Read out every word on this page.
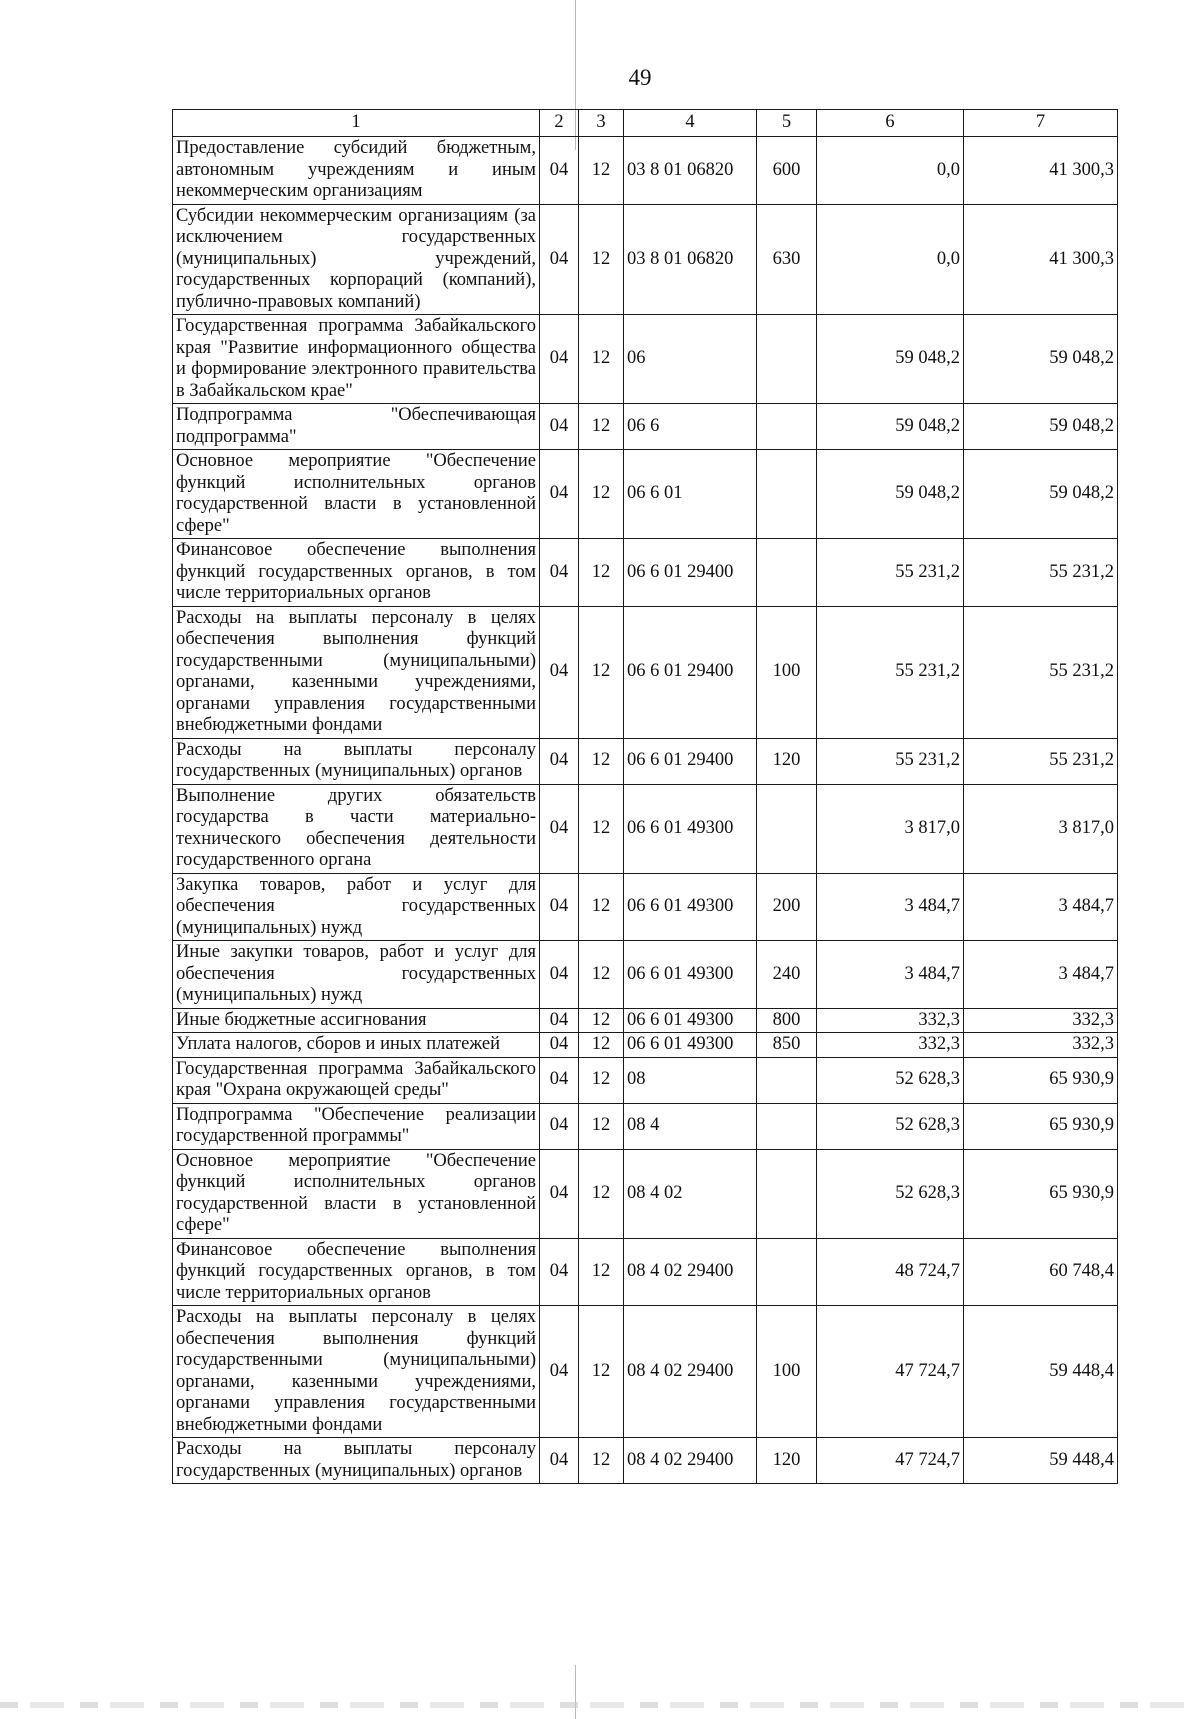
49
1	2	3	4	5	6	7
Предоставление субсидий бюджетным, автономным учреждениям и иным некоммерческим организациям	04	12	03 8 01 06820	600	0,0	41 300,3
Субсидии некоммерческим организациям (за исключением государственных (муниципальных) учреждений, государственных корпораций (компаний), публично-правовых компаний)	04	12	03 8 01 06820	630	0,0	41 300,3
Государственная программа Забайкальского края "Развитие информационного общества и формирование электронного правительства в Забайкальском крае"	04	12	06		59 048,2	59 048,2
Подпрограмма "Обеспечивающая подпрограмма"	04	12	06 6		59 048,2	59 048,2
Основное мероприятие "Обеспечение функций исполнительных органов государственной власти в установленной сфере"	04	12	06 6 01		59 048,2	59 048,2
Финансовое обеспечение выполнения функций государственных органов, в том числе территориальных органов	04	12	06 6 01 29400		55 231,2	55 231,2
Расходы на выплаты персоналу в целях обеспечения выполнения функций государственными (муниципальными) органами, казенными учреждениями, органами управления государственными внебюджетными фондами	04	12	06 6 01 29400	100	55 231,2	55 231,2
Расходы на выплаты персоналу государственных (муниципальных) органов	04	12	06 6 01 29400	120	55 231,2	55 231,2
Выполнение других обязательств государства в части материально-технического обеспечения деятельности государственного органа	04	12	06 6 01 49300		3 817,0	3 817,0
Закупка товаров, работ и услуг для обеспечения государственных (муниципальных) нужд	04	12	06 6 01 49300	200	3 484,7	3 484,7
Иные закупки товаров, работ и услуг для обеспечения государственных (муниципальных) нужд	04	12	06 6 01 49300	240	3 484,7	3 484,7
Иные бюджетные ассигнования	04	12	06 6 01 49300	800	332,3	332,3
Уплата налогов, сборов и иных платежей	04	12	06 6 01 49300	850	332,3	332,3
Государственная программа Забайкальского края "Охрана окружающей среды"	04	12	08		52 628,3	65 930,9
Подпрограмма "Обеспечение реализации государственной программы"	04	12	08 4		52 628,3	65 930,9
Основное мероприятие "Обеспечение функций исполнительных органов государственной власти в установленной сфере"	04	12	08 4 02		52 628,3	65 930,9
Финансовое обеспечение выполнения функций государственных органов, в том числе территориальных органов	04	12	08 4 02 29400		48 724,7	60 748,4
Расходы на выплаты персоналу в целях обеспечения выполнения функций государственными (муниципальными) органами, казенными учреждениями, органами управления государственными внебюджетными фондами	04	12	08 4 02 29400	100	47 724,7	59 448,4
Расходы на выплаты персоналу государственных (муниципальных) органов	04	12	08 4 02 29400	120	47 724,7	59 448,4
